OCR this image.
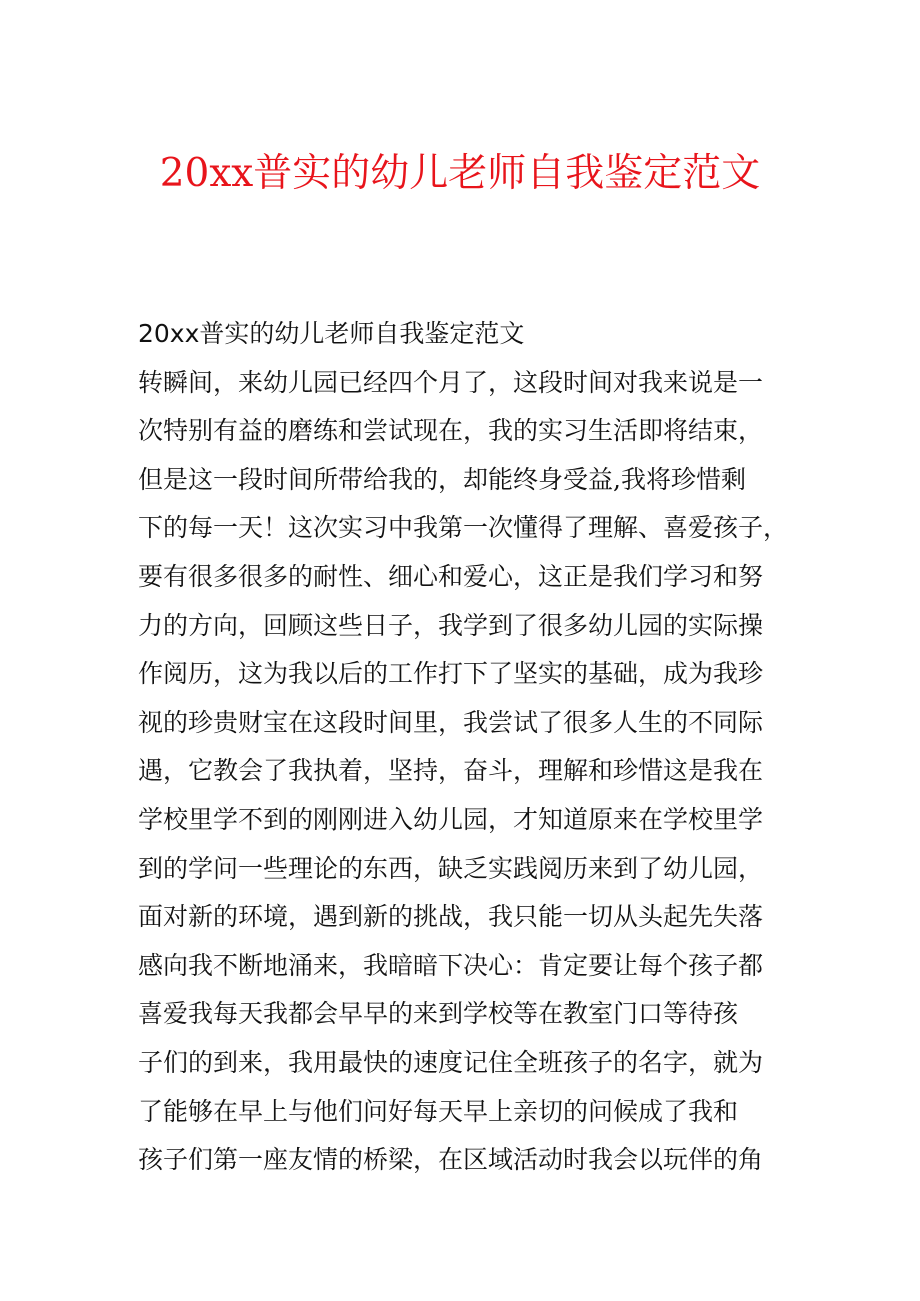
20xx普实的幼儿老师自我鉴定范文
20xx普实的幼儿老师自我鉴定范文
转瞬间，来幼儿园已经四个月了，这段时间对我来说是一
次特别有益的磨练和尝试现在，我的实习生活即将结束，
但是这一段时间所带给我的，却能终身受益,我将珍惜剩
下的每一天！这次实习中我第一次懂得了理解、喜爱孩子，
要有很多很多的耐性、细心和爱心，这正是我们学习和努
力的方向，回顾这些日子，我学到了很多幼儿园的实际操
作阅历，这为我以后的工作打下了坚实的基础，成为我珍
视的珍贵财宝在这段时间里，我尝试了很多人生的不同际
遇，它教会了我执着，坚持，奋斗，理解和珍惜这是我在
学校里学不到的刚刚进入幼儿园，才知道原来在学校里学
到的学问一些理论的东西，缺乏实践阅历来到了幼儿园，
面对新的环境，遇到新的挑战，我只能一切从头起先失落
感向我不断地涌来，我暗暗下决心：肯定要让每个孩子都
喜爱我每天我都会早早的来到学校等在教室门口等待孩
子们的到来，我用最快的速度记住全班孩子的名字，就为
了能够在早上与他们问好每天早上亲切的问候成了我和
孩子们第一座友情的桥梁，在区域活动时我会以玩伴的角
